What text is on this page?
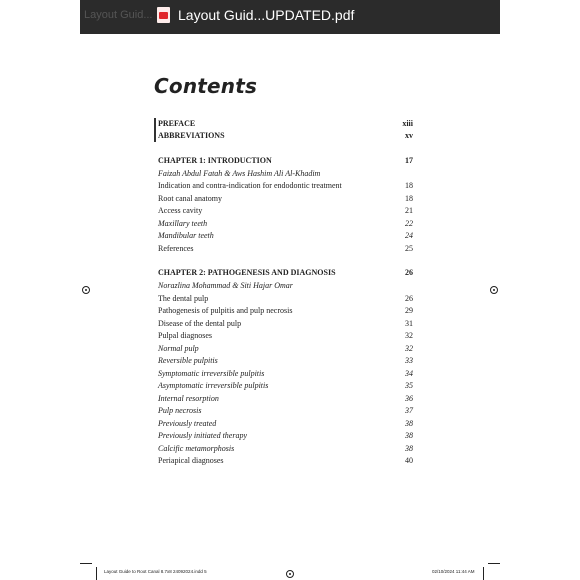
Layout Guid... Layout Guid...UPDATED.pdf
Contents
PREFACE	xiii
ABBREVIATIONS	xv
CHAPTER 1: INTRODUCTION	17
Faizah Abdul Fatah & Aws Hashim Ali Al-Khadim
Indication and contra-indication for endodontic treatment	18
Root canal anatomy	18
Access cavity	21
Maxillary teeth	22
Mandibular teeth	24
References	25
CHAPTER 2: PATHOGENESIS AND DIAGNOSIS	26
Norazlina Mohammad & Siti Hajar Omar
The dental pulp	26
Pathogenesis of pulpitis and pulp necrosis	29
Disease of the dental pulp	31
Pulpal diagnoses	32
Normal pulp	32
Reversible pulpitis	33
Symptomatic irreversible pulpitis	34
Asymptomatic irreversible pulpitis	35
Internal resorption	36
Pulp necrosis	37
Previously treated	38
Previously initiated therapy	38
Calcific metamorphosis	38
Periapical diagnoses	40
Layout Guide to Root Canal 8.7x8 24092024.indd 5	02/10/2024 11:44 AM
